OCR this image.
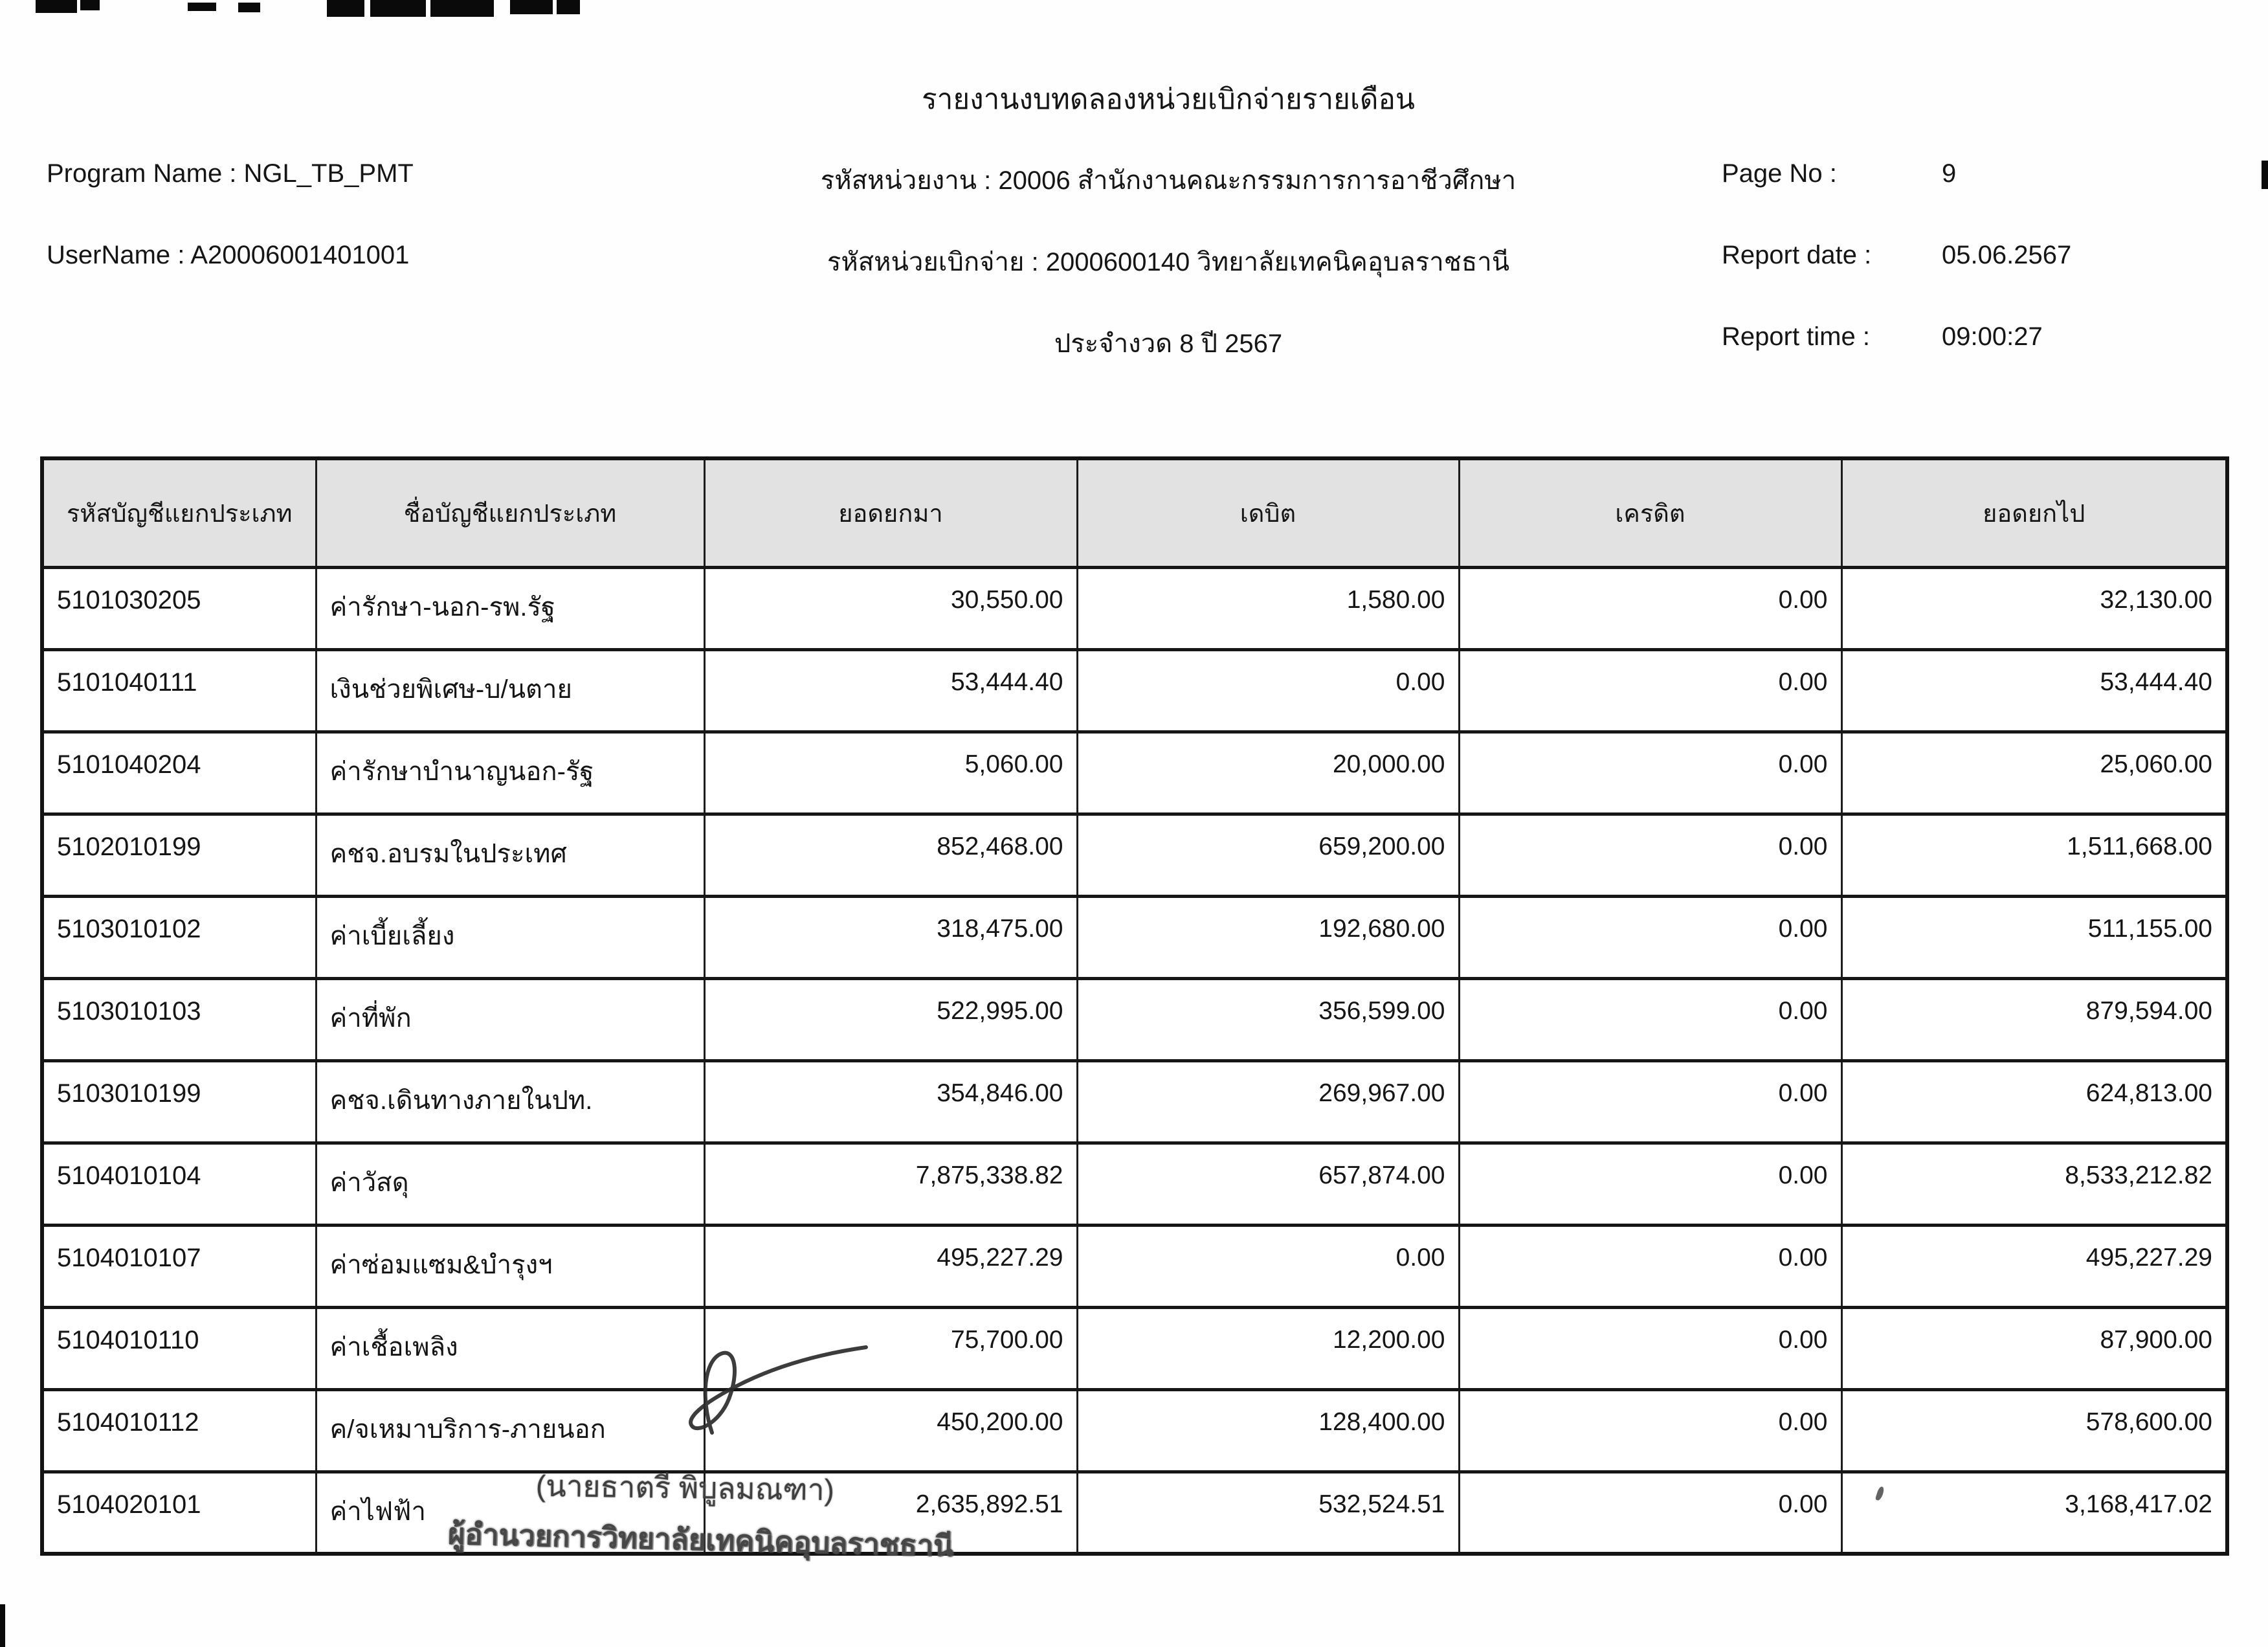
รายงานงบทดลองหน่วยเบิกจ่ายรายเดือน
Program Name : NGL_TB_PMT	รหัสหน่วยงาน : 20006 สำนักงานคณะกรรมการการอาชีวศึกษา	Page No :	9
UserName : A20006001401001	รหัสหน่วยเบิกจ่าย : 2000600140 วิทยาลัยเทคนิคอุบลราชธานี	Report date :	05.06.2567
ประจำงวด 8 ปี 2567	Report time :	09:00:27
รหัสบัญชีแยกประเภท	ชื่อบัญชีแยกประเภท	ยอดยกมา	เดบิต	เครดิต	ยอดยกไป
5101030205	ค่ารักษา-นอก-รพ.รัฐ	30,550.00	1,580.00	0.00	32,130.00
5101040111	เงินช่วยพิเศษ-บ/นตาย	53,444.40	0.00	0.00	53,444.40
5101040204	ค่ารักษาบำนาญนอก-รัฐ	5,060.00	20,000.00	0.00	25,060.00
5102010199	คชจ.อบรมในประเทศ	852,468.00	659,200.00	0.00	1,511,668.00
5103010102	ค่าเบี้ยเลี้ยง	318,475.00	192,680.00	0.00	511,155.00
5103010103	ค่าที่พัก	522,995.00	356,599.00	0.00	879,594.00
5103010199	คชจ.เดินทางภายในปท.	354,846.00	269,967.00	0.00	624,813.00
5104010104	ค่าวัสดุ	7,875,338.82	657,874.00	0.00	8,533,212.82
5104010107	ค่าซ่อมแซม&บำรุงฯ	495,227.29	0.00	0.00	495,227.29
5104010110	ค่าเชื้อเพลิง	75,700.00	12,200.00	0.00	87,900.00
5104010112	ค/จเหมาบริการ-ภายนอก	450,200.00	128,400.00	0.00	578,600.00
5104020101	ค่าไฟฟ้า	2,635,892.51	532,524.51	0.00	3,168,417.02
(นายธาตรี พิบูลมณฑา)
ผู้อำนวยการวิทยาลัยเทคนิคอุบลราชธานี
